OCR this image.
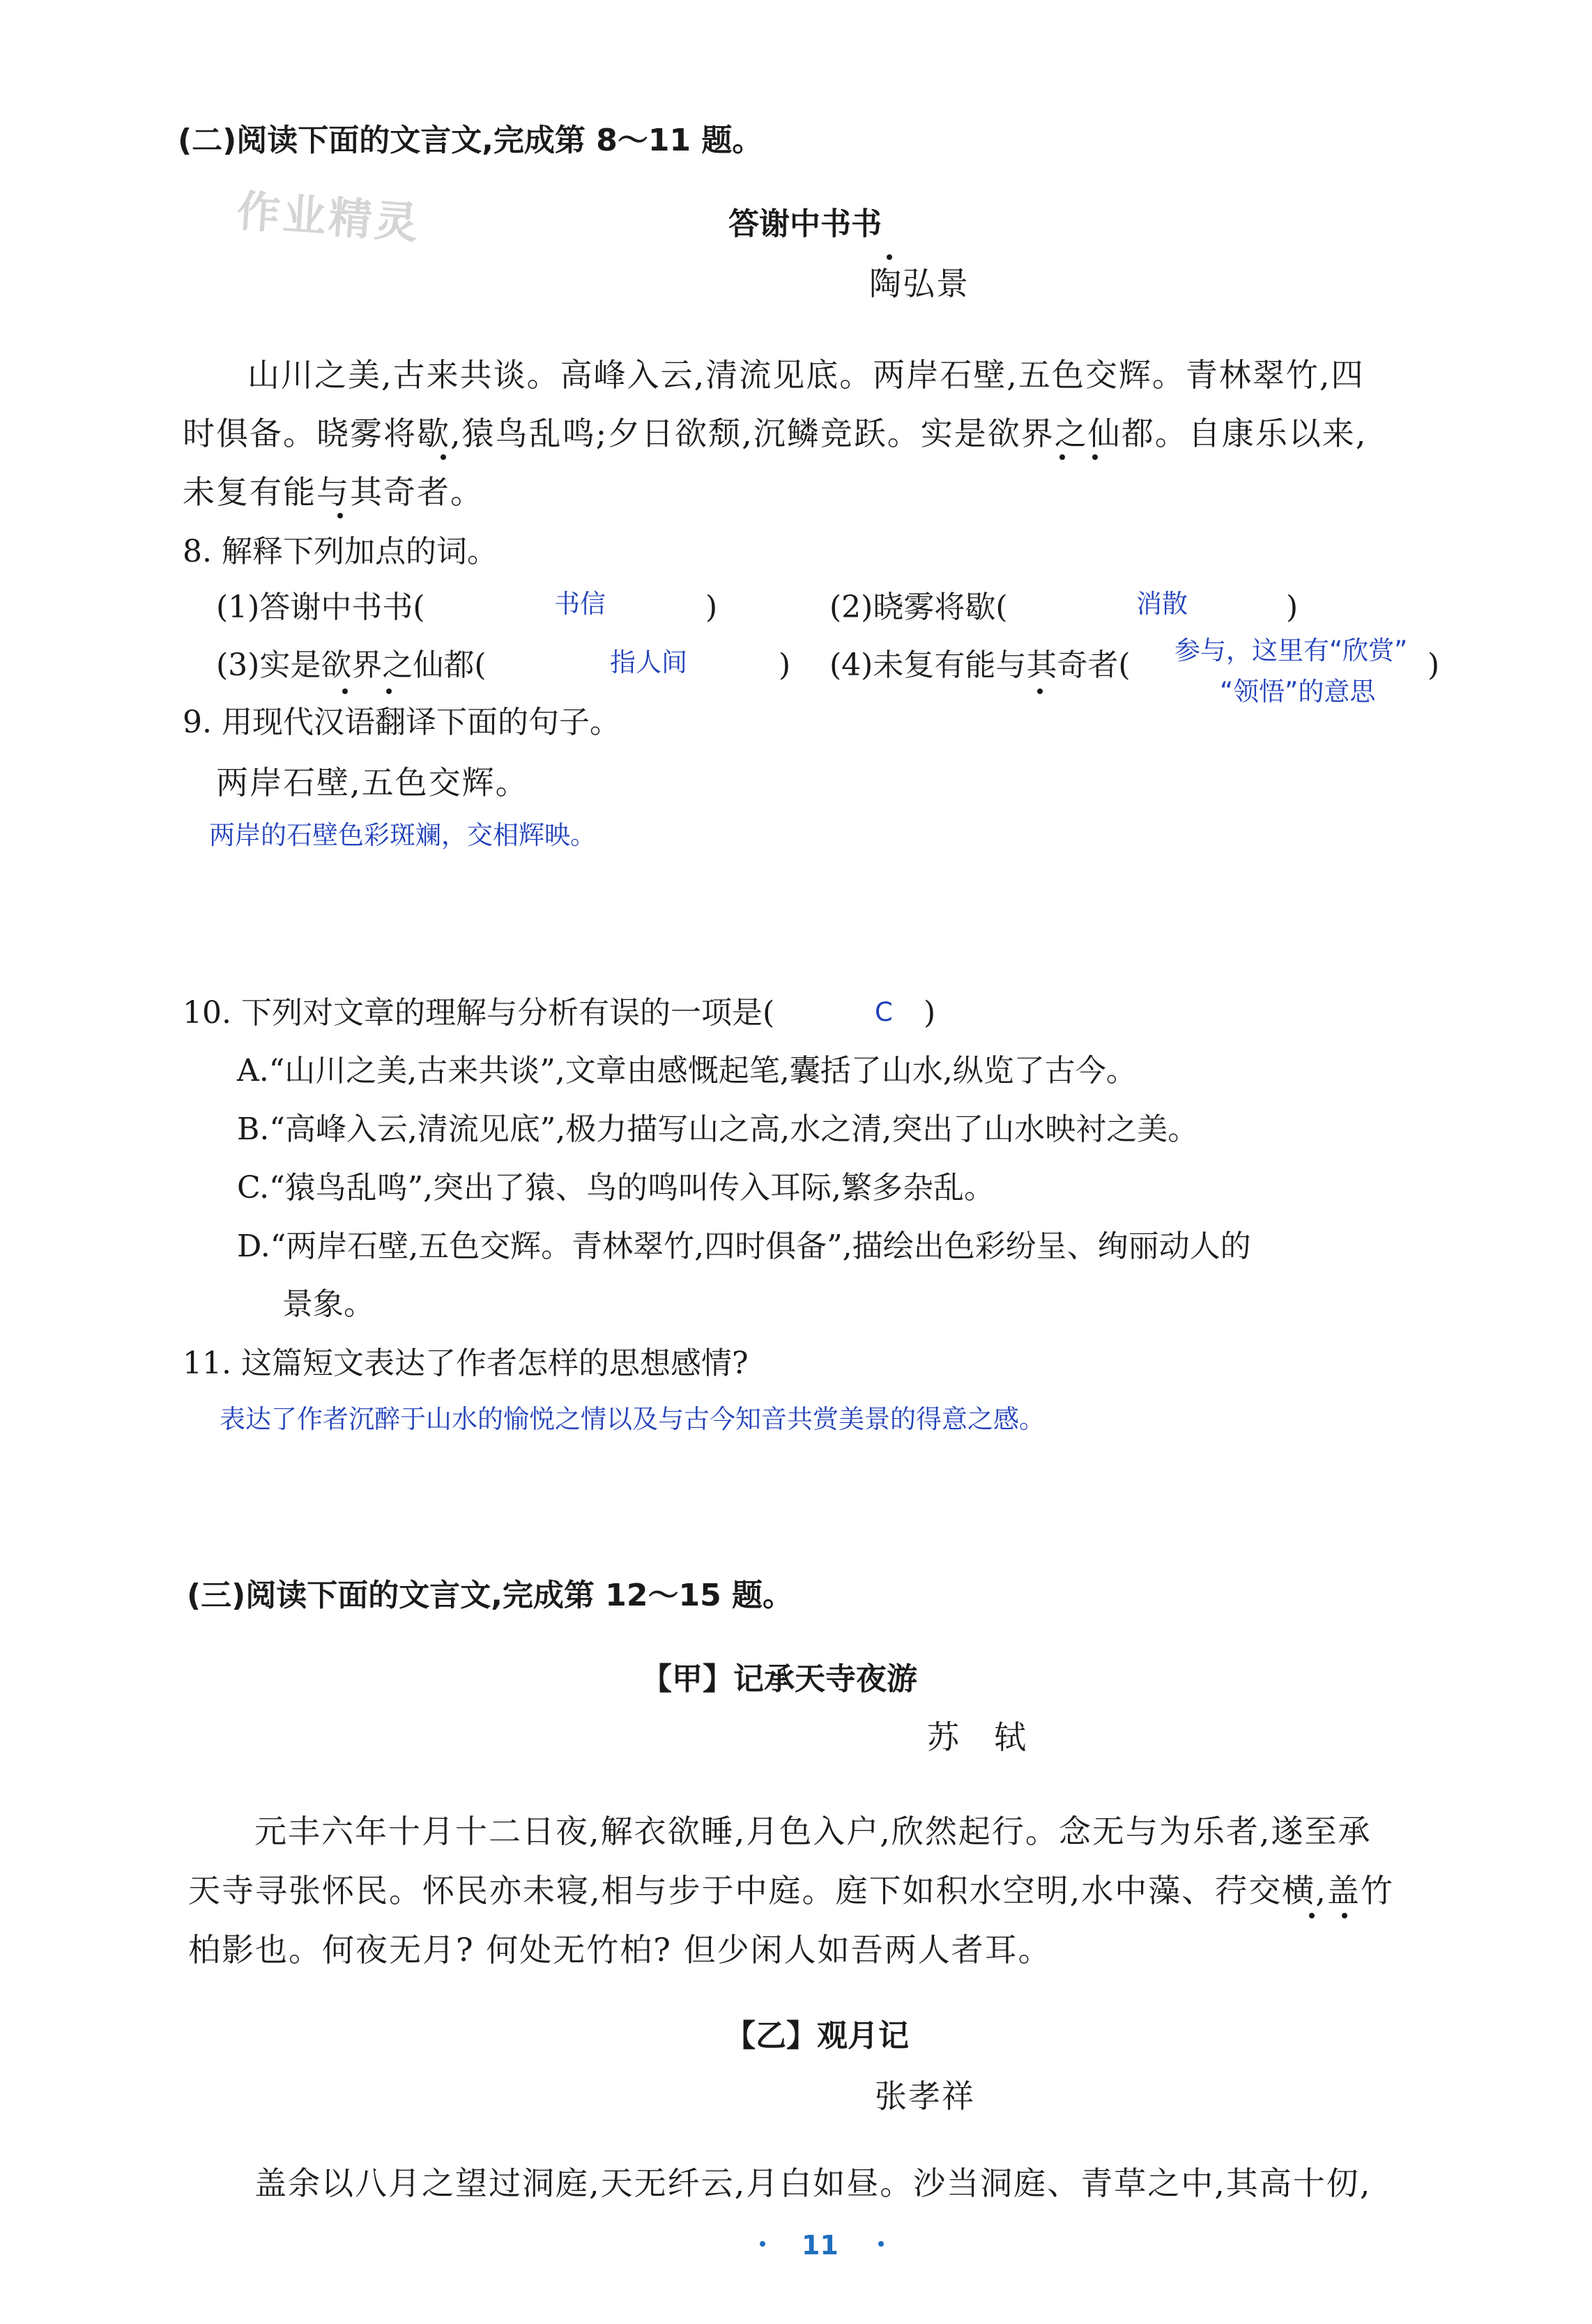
作业精灵
(二)阅读下面的文言文,完成第 8～11 题。
答谢中书书
陶弘景
山川之美,古来共谈。高峰入云,清流见底。两岸石壁,五色交辉。青林翠竹,四
时俱备。晓雾将歇,猿鸟乱鸣;夕日欲颓,沉鳞竞跃。实是欲界之仙都。自康乐以来,
未复有能与其奇者。
8. 解释下列加点的词。
(1)答谢中书书(	书信	)	(2)晓雾将歇(	消散	)
(3)实是欲界之仙都(	指人间	) (4)未复有能与其奇者( 参与，这里有“欣赏”
“领悟”的意思
)
9. 用现代汉语翻译下面的句子。
两岸石壁,五色交辉。
两岸的石壁色彩斑斓，交相辉映。
10. 下列对文章的理解与分析有误的一项是(	C )
A.“山川之美,古来共谈”,文章由感慨起笔,囊括了山水,纵览了古今。
B.“高峰入云,清流见底”,极力描写山之高,水之清,突出了山水映衬之美。
C.“猿鸟乱鸣”,突出了猿、鸟的鸣叫传入耳际,繁多杂乱。
D.“两岸石壁,五色交辉。青林翠竹,四时俱备”,描绘出色彩纷呈、绚丽动人的
景象。
11. 这篇短文表达了作者怎样的思想感情?
表达了作者沉醉于山水的愉悦之情以及与古今知音共赏美景的得意之感。
(三)阅读下面的文言文,完成第 12～15 题。
【甲】记承天寺夜游
苏　轼
元丰六年十月十二日夜,解衣欲睡,月色入户,欣然起行。念无与为乐者,遂至承
天寺寻张怀民。怀民亦未寝,相与步于中庭。庭下如积水空明,水中藻、荇交横,盖竹
柏影也。何夜无月? 何处无竹柏? 但少闲人如吾两人者耳。
【乙】观月记
张孝祥
盖余以八月之望过洞庭,天无纤云,月白如昼。沙当洞庭、青草之中,其高十仞,
11
